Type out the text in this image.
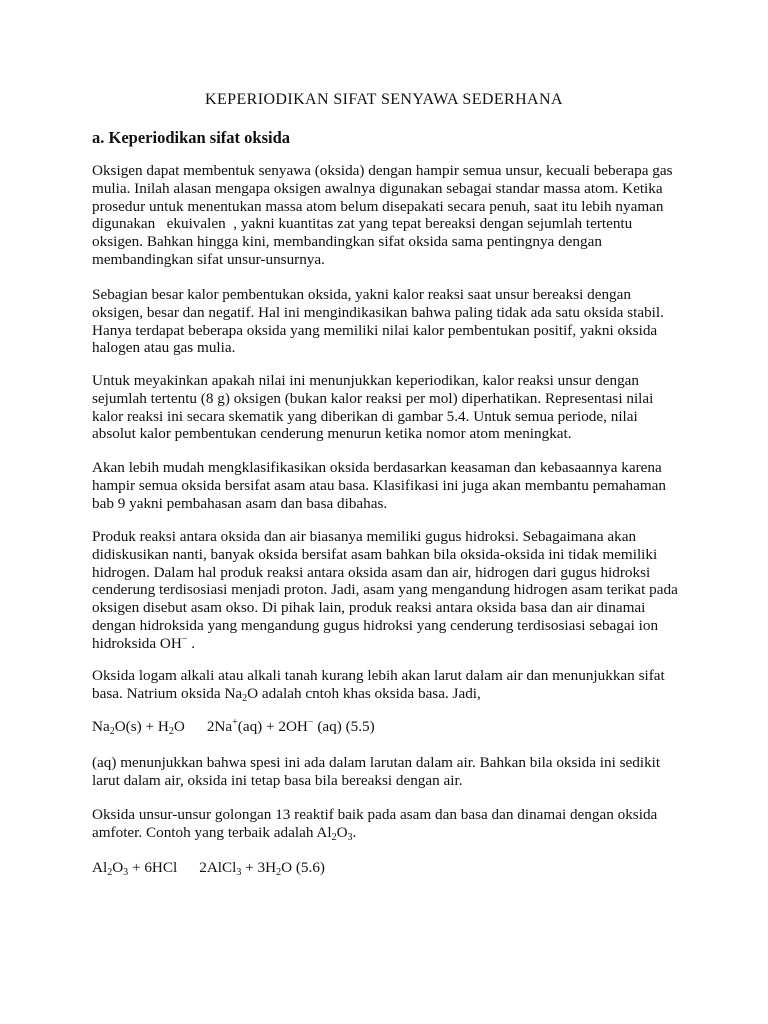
KEPERIODIKAN SIFAT SENYAWA SEDERHANA
a. Keperiodikan sifat oksida

Oksigen dapat membentuk senyawa (oksida) dengan hampir semua unsur, kecuali beberapa gas
mulia. Inilah alasan mengapa oksigen awalnya digunakan sebagai standar massa atom. Ketika
prosedur untuk menentukan massa atom belum disepakati secara penuh, saat itu lebih nyaman
digunakan   ekuivalen  , yakni kuantitas zat yang tepat bereaksi dengan sejumlah tertentu
oksigen. Bahkan hingga kini, membandingkan sifat oksida sama pentingnya dengan
membandingkan sifat unsur-unsurnya.

Sebagian besar kalor pembentukan oksida, yakni kalor reaksi saat unsur bereaksi dengan
oksigen, besar dan negatif. Hal ini mengindikasikan bahwa paling tidak ada satu oksida stabil.
Hanya terdapat beberapa oksida yang memiliki nilai kalor pembentukan positif, yakni oksida
halogen atau gas mulia.

Untuk meyakinkan apakah nilai ini menunjukkan keperiodikan, kalor reaksi unsur dengan
sejumlah tertentu (8 g) oksigen (bukan kalor reaksi per mol) diperhatikan. Representasi nilai
kalor reaksi ini secara skematik yang diberikan di gambar 5.4. Untuk semua periode, nilai
absolut kalor pembentukan cenderung menurun ketika nomor atom meningkat.

Akan lebih mudah mengklasifikasikan oksida berdasarkan keasaman dan kebasaannya karena
hampir semua oksida bersifat asam atau basa. Klasifikasi ini juga akan membantu pemahaman
bab 9 yakni pembahasan asam dan basa dibahas.

Produk reaksi antara oksida dan air biasanya memiliki gugus hidroksi. Sebagaimana akan
didiskusikan nanti, banyak oksida bersifat asam bahkan bila oksida-oksida ini tidak memiliki
hidrogen. Dalam hal produk reaksi antara oksida asam dan air, hidrogen dari gugus hidroksi
cenderung terdisosiasi menjadi proton. Jadi, asam yang mengandung hidrogen asam terikat pada
oksigen disebut asam okso. Di pihak lain, produk reaksi antara oksida basa dan air dinamai
dengan hidroksida yang mengandung gugus hidroksi yang cenderung terdisosiasi sebagai ion
hidroksida OH− .

Oksida logam alkali atau alkali tanah kurang lebih akan larut dalam air dan menunjukkan sifat
basa. Natrium oksida $Na_2O$ adalah cntoh khas oksida basa. Jadi,

$Na_2O(s) + H_2O$ 2Na+(aq) + 2OH− (aq) (5.5)

(aq) menunjukkan bahwa spesi ini ada dalam larutan dalam air. Bahkan bila oksida ini sedikit
larut dalam air, oksida ini tetap basa bila bereaksi dengan air.

Oksida unsur-unsur golongan 13 reaktif baik pada asam dan basa dan dinamai dengan oksida
amfoter. Contoh yang terbaik adalah $Al_2O_3$.

$Al_2O_3 + 6HCl$ 2AlCl$_3$ + $3H_2O$ (5.6)
